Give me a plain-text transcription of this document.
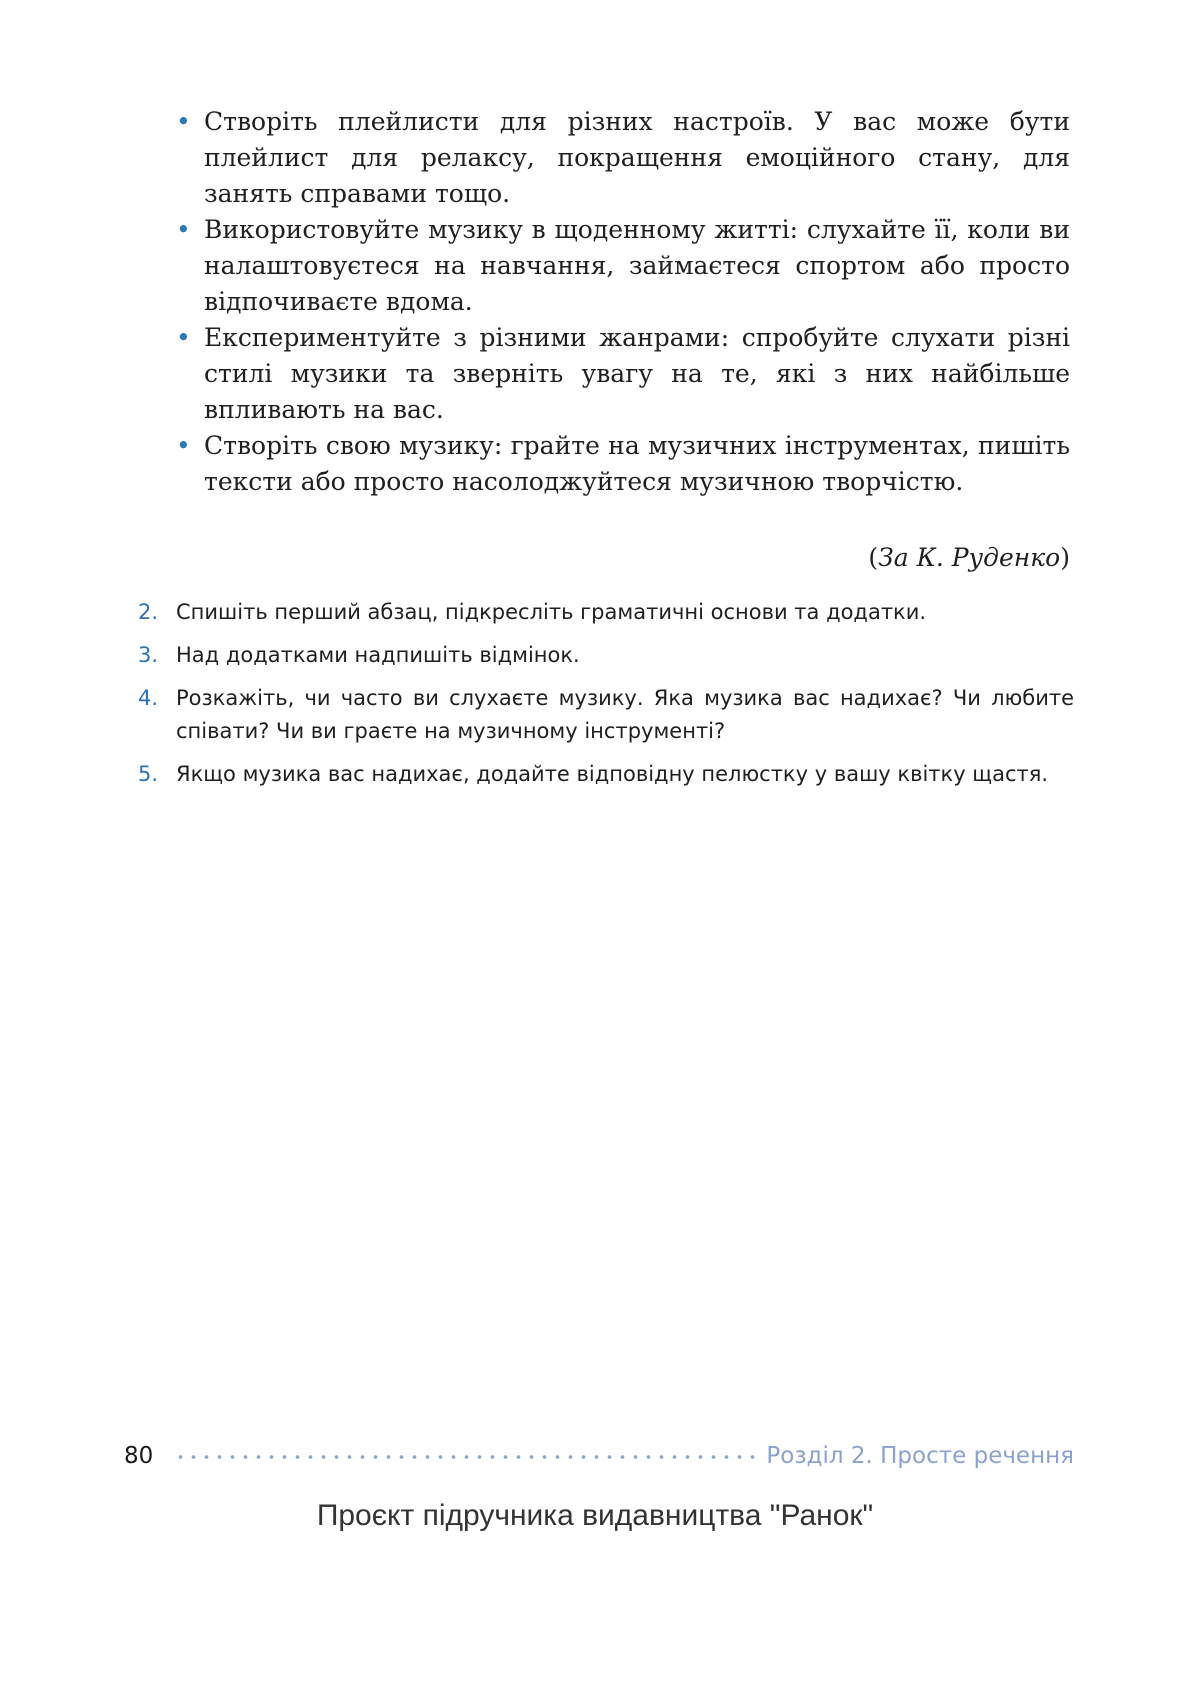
• Створіть плейлисти для різних настроїв. У вас може бути плейлист для релаксу, покращення емоційного стану, для занять справами тощо.
• Використовуйте музику в щоденному житті: слухайте її, коли ви налаштовуєтеся на навчання, займаєтеся спортом або просто відпочиваєте вдома.
• Експериментуйте з різними жанрами: спробуйте слухати різні стилі музики та зверніть увагу на те, які з них найбільше впливають на вас.
• Створіть свою музику: грайте на музичних інструментах, пишіть тексти або просто насолоджуйтеся музичною творчістю.
(За К. Руденко)
2. Спишіть перший абзац, підкресліть граматичні основи та додатки.
3. Над додатками надпишіть відмінок.
4. Розкажіть, чи часто ви слухаєте музику. Яка музика вас надихає? Чи любите співати? Чи ви граєте на музичному інструменті?
5. Якщо музика вас надихає, додайте відповідну пелюстку у вашу квітку щастя.
80	Розділ 2. Просте речення
Проєкт підручника видавництва "Ранок"
